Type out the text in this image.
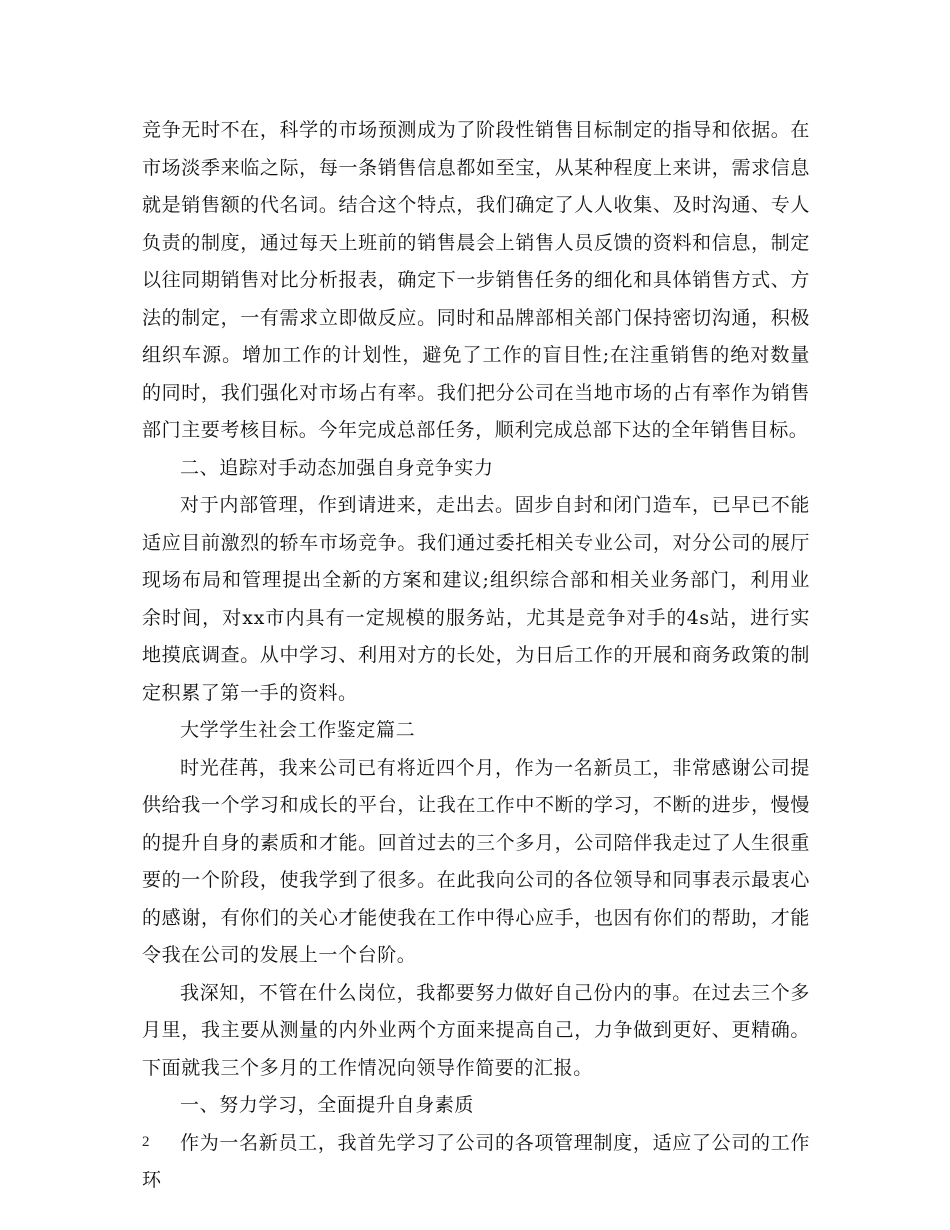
竞争无时不在，科学的市场预测成为了阶段性销售目标制定的指导和依据。在市场淡季来临之际，每一条销售信息都如至宝，从某种程度上来讲，需求信息就是销售额的代名词。结合这个特点，我们确定了人人收集、及时沟通、专人负责的制度，通过每天上班前的销售晨会上销售人员反馈的资料和信息，制定以往同期销售对比分析报表，确定下一步销售任务的细化和具体销售方式、方法的制定，一有需求立即做反应。同时和品牌部相关部门保持密切沟通，积极组织车源。增加工作的计划性，避免了工作的盲目性;在注重销售的绝对数量的同时，我们强化对市场占有率。我们把分公司在当地市场的占有率作为销售部门主要考核目标。今年完成总部任务，顺利完成总部下达的全年销售目标。

二、追踪对手动态加强自身竞争实力

对于内部管理，作到请进来，走出去。固步自封和闭门造车，已早已不能适应目前激烈的轿车市场竞争。我们通过委托相关专业公司，对分公司的展厅现场布局和管理提出全新的方案和建议;组织综合部和相关业务部门，利用业余时间，对xx市内具有一定规模的服务站，尤其是竞争对手的4s站，进行实地摸底调查。从中学习、利用对方的长处，为日后工作的开展和商务政策的制定积累了第一手的资料。

大学学生社会工作鉴定篇二

时光荏苒，我来公司已有将近四个月，作为一名新员工，非常感谢公司提供给我一个学习和成长的平台，让我在工作中不断的学习，不断的进步，慢慢的提升自身的素质和才能。回首过去的三个多月，公司陪伴我走过了人生很重要的一个阶段，使我学到了很多。在此我向公司的各位领导和同事表示最衷心的感谢，有你们的关心才能使我在工作中得心应手，也因有你们的帮助，才能令我在公司的发展上一个台阶。

我深知，不管在什么岗位，我都要努力做好自己份内的事。在过去三个多月里，我主要从测量的内外业两个方面来提高自己，力争做到更好、更精确。下面就我三个多月的工作情况向领导作简要的汇报。

一、努力学习，全面提升自身素质

作为一名新员工，我首先学习了公司的各项管理制度，适应了公司的工作环

2
